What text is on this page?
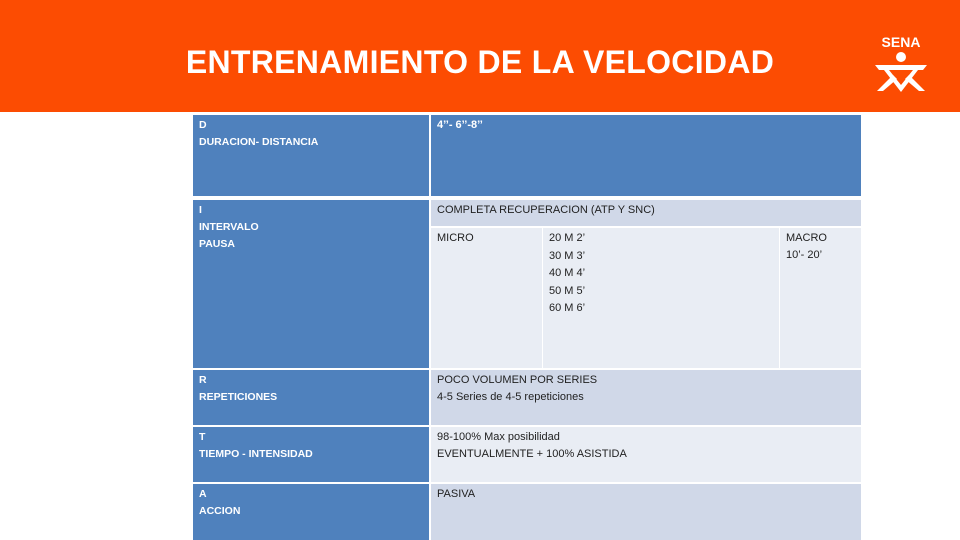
ENTRENAMIENTO DE LA VELOCIDAD
SENA
D
DURACION- DISTANCIA
4’’- 6’’-8’’
I
INTERVALO
PAUSA
COMPLETA RECUPERACION (ATP Y SNC)
MICRO	20 M 2’
30 M 3’
40 M 4’
50 M 5’
60 M 6’
MACRO
10’- 20’
R
REPETICIONES
POCO VOLUMEN POR SERIES
4-5 Series de 4-5 repeticiones
T
TIEMPO - INTENSIDAD
98-100% Max posibilidad
EVENTUALMENTE + 100% ASISTIDA
A
ACCION
PASIVA
